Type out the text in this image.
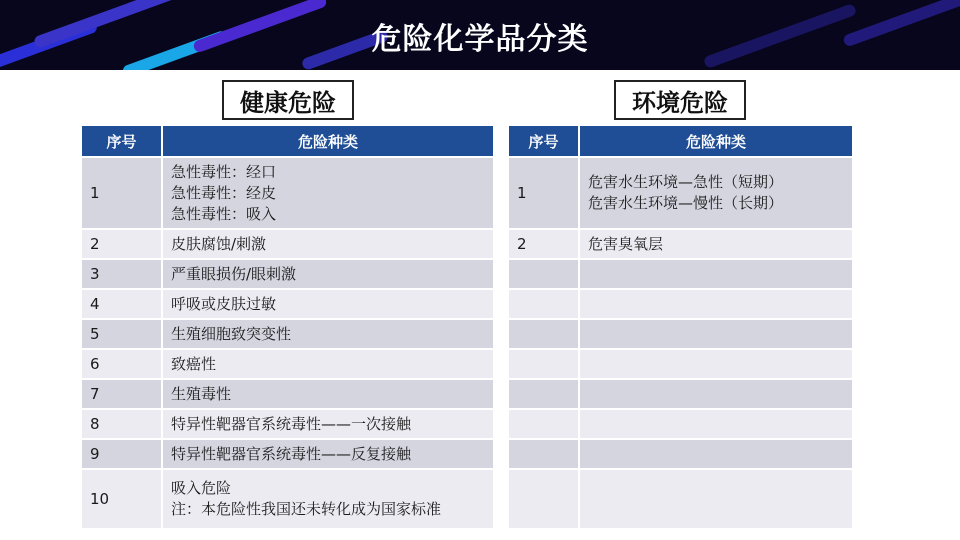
危险化学品分类
健康危险	环境危险
序号	危险种类
1	急性毒性：经口
急性毒性：经皮
急性毒性：吸入

2	皮肤腐蚀/刺激

3	严重眼损伤/眼刺激

4	呼吸或皮肤过敏

5	生殖细胞致突变性

6	致癌性

7	生殖毒性

8	特异性靶器官系统毒性——一次接触

9	特异性靶器官系统毒性——反复接触

10	吸入危险
注：本危险性我国还未转化成为国家标准
序号	危险种类
1	危害水生环境—急性（短期）
危害水生环境—慢性（长期）

2	危害臭氧层
